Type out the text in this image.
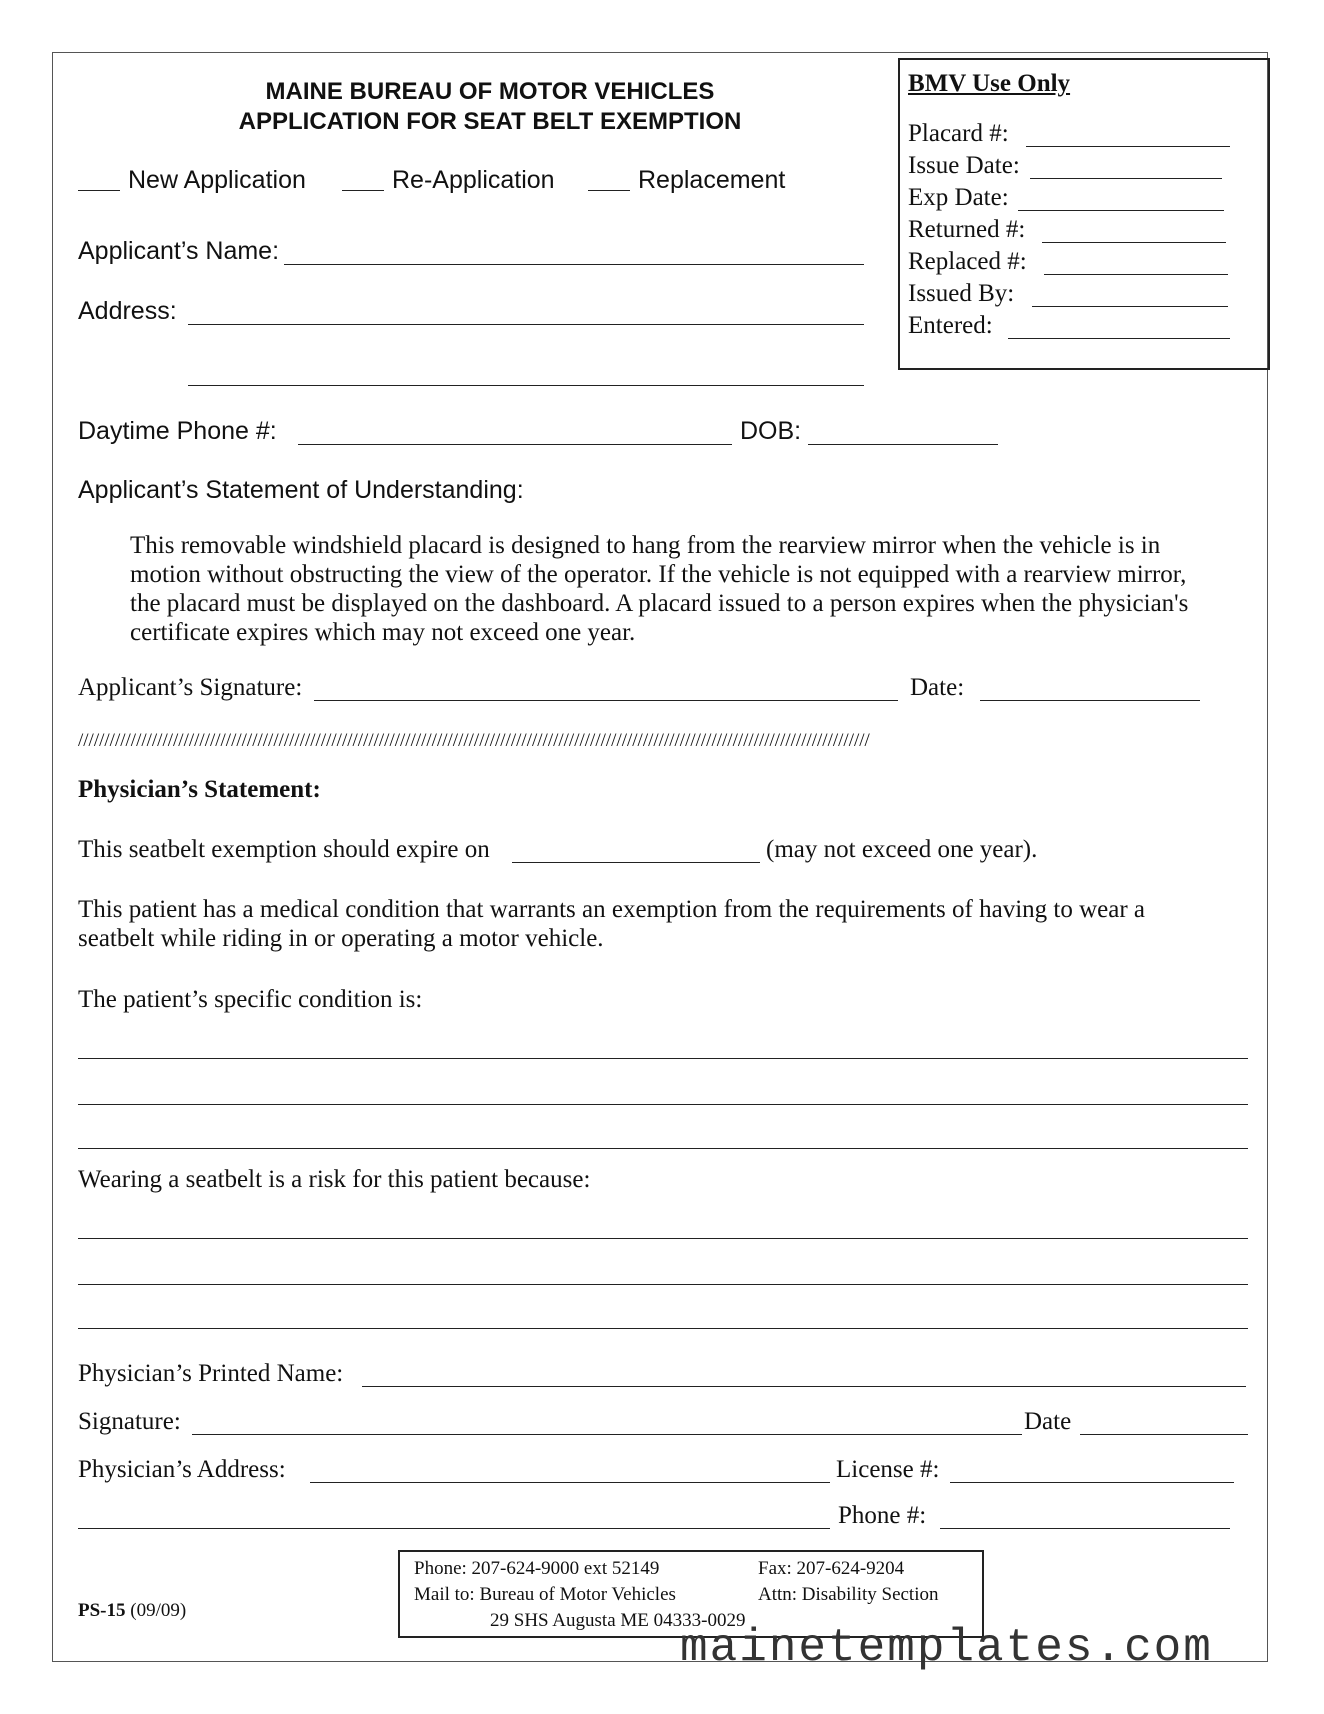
MAINE BUREAU OF MOTOR VEHICLES
APPLICATION FOR SEAT BELT EXEMPTION
New Application	Re-Application	Replacement
BMV Use Only
Placard #:
Issue Date:
Exp Date:
Returned #:
Replaced #:
Issued By:
Entered:
Applicant’s Name:
Address:
Daytime Phone #:	DOB:
Applicant’s Statement of Understanding:
This removable windshield placard is designed to hang from the rearview mirror when the vehicle is in
motion without obstructing the view of the operator. If the vehicle is not equipped with a rearview mirror,
the placard must be displayed on the dashboard. A placard issued to a person expires when the physician's
certificate expires which may not exceed one year.
Applicant’s Signature:	Date:
//////////////////////////////////////////////////////////////////////////////////////////////////////////////////////////////////////////////////////
Physician’s Statement:
This seatbelt exemption should expire on	(may not exceed one year).
This patient has a medical condition that warrants an exemption from the requirements of having to wear a
seatbelt while riding in or operating a motor vehicle.
The patient’s specific condition is:
Wearing a seatbelt is a risk for this patient because:
Physician’s Printed Name:
Signature:	Date
Physician’s Address:	License #:
Phone #:
PS-15 (09/09)
Phone: 207-624-9000 ext 52149	Fax: 207-624-9204
Mail to: Bureau of Motor Vehicles	Attn: Disability Section
29 SHS Augusta ME 04333-0029
mainetemplates.com
